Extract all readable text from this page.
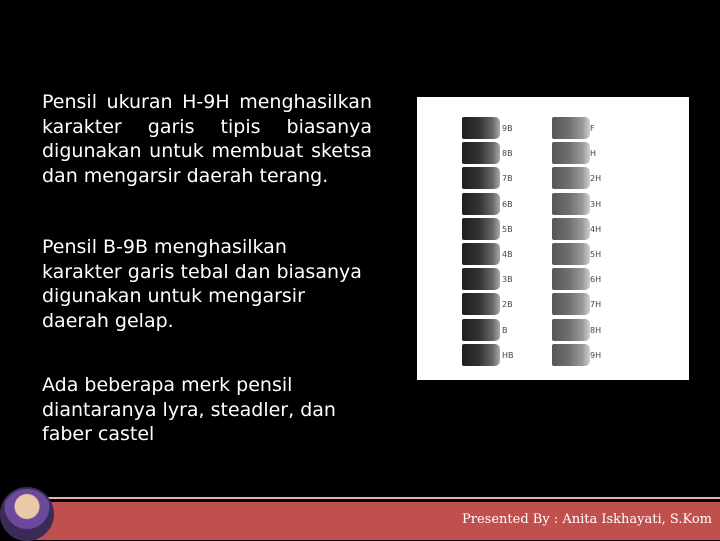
Pensil ukuran H-9H menghasilkan karakter garis tipis biasanya digunakan untuk membuat sketsa dan mengarsir daerah terang.

Pensil B-9B menghasilkan karakter garis tebal dan biasanya digunakan untuk mengarsir daerah gelap.

Ada beberapa merk pensil diantaranya lyra, steadler, dan faber castel

9B
8B
7B
6B
5B
4B
3B
2B
B
HB
F
H
2H
3H
4H
5H
6H
7H
8H
9H
Presented By : Anita Iskhayati, S.Kom
